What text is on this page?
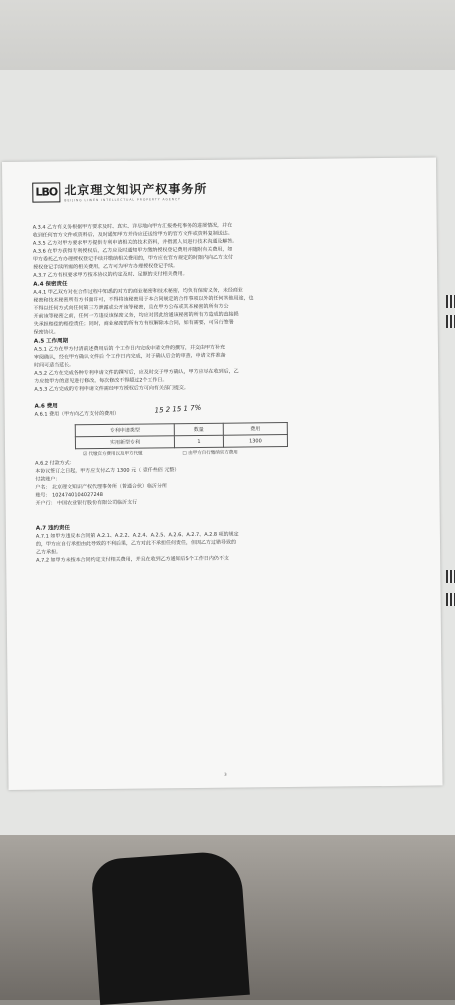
LBO 北京理文知识产权事务所
BEIJING LIWEN INTELLECTUAL PROPERTY AGENCY
15 2 15 1 7%
A.3.4 乙方有义务根据甲方要求及时、真实、详尽地向甲方汇报委托事务的进展情况，并在
收到任何官方文件或资料后，及时通知甲方并待应还送给甲方的官方文件或资料复制送达。
A.3.5 乙方对甲方要求甲方提供专利申请相关的技术资料，并指派人员进行技术沟通及解答。
A.3.6 在甲方获得专利授权后，乙方应及时通知甲方缴纳授权登记费用并随附有关费用，如
甲方委托乙方办理授权登记手续并缴纳相关费用的，甲方应在官方规定的时限内向乙方支付
授权登记手续所需的相关费用，乙方可为甲方办理授权登记手续。
A.3.7 乙方有权要求甲方按本协议的约定及时、足额的支付相关费用。
A.4 保密责任
A.4.1 甲乙双方对在合作过程中知悉的对方的商业秘密和技术秘密，均负有保密义务，未经商业
秘密和技术秘密所有方书面许可，不得将该秘密用于本合同规定的合作事项以外的任何其他用途，也
不得以任何方式向任何第三方泄露或公开该等秘密，且在甲方公布或其本秘密的所有方公
开前该等秘密之前，任何一方违反该保密义务，均应对因此给通该秘密的所有方造成的直接损
失承担赔偿的赔偿责任；同时，商业秘密的所有方有权解除本合同，如有需要，可另行签署
保密协议。
A.5 工作周期
A.5.1 乙方在甲方付清前述费用后的 个工作日内完成申请文件的撰写，并交由甲方补充
审阅确认，经在甲方确认文件后 个工作日内完成，对于确认后会的审查，申请文件准备
时间可适当延长。
A.5.2 乙方在完成各种专利申请文件的撰写后，应及时交于甲方确认，甲方应尽在收到后，乙
方应按甲方的意见进行修改，每次修改不得超过2个工作日。
A.5.3 乙方完成的专利申请文件需经甲方授权后方可向有关部门提交。
A.6 费用
A.6.1 费用（甲方向乙方支付的费用）
专利申请类型	数量	费用
实用新型专利	1	1300
☑ 代缴官方费用以及甲方代缴	□ 由甲方自行缴纳官方费用
A.6.2 付款方式：
本协议签订之日起，甲方应支付乙方 1300 元（ 壹仟叁佰 元整）
付款账户：
户名： 北京理文知识产权代理事务所（普通合伙）临沂分所
账号： 1024740104027248
开户行： 中国农业银行股份有限公司临沂支行
A.7 违约责任
A.7.1 如甲方违反本合同第 A.2.1、A.2.2、A.2.4、A.2.5、A.2.6、A.2.7、A.2.8 项的规定
的，甲方应自行承担由此导致的不利后果，乙方对此不承担任何责任，但因乙方过错导致的
乙方承担。
A.7.2 如甲方未按本合同约定支付相关费用，并且在收到乙方通知后5个工作日内仍不支
3
